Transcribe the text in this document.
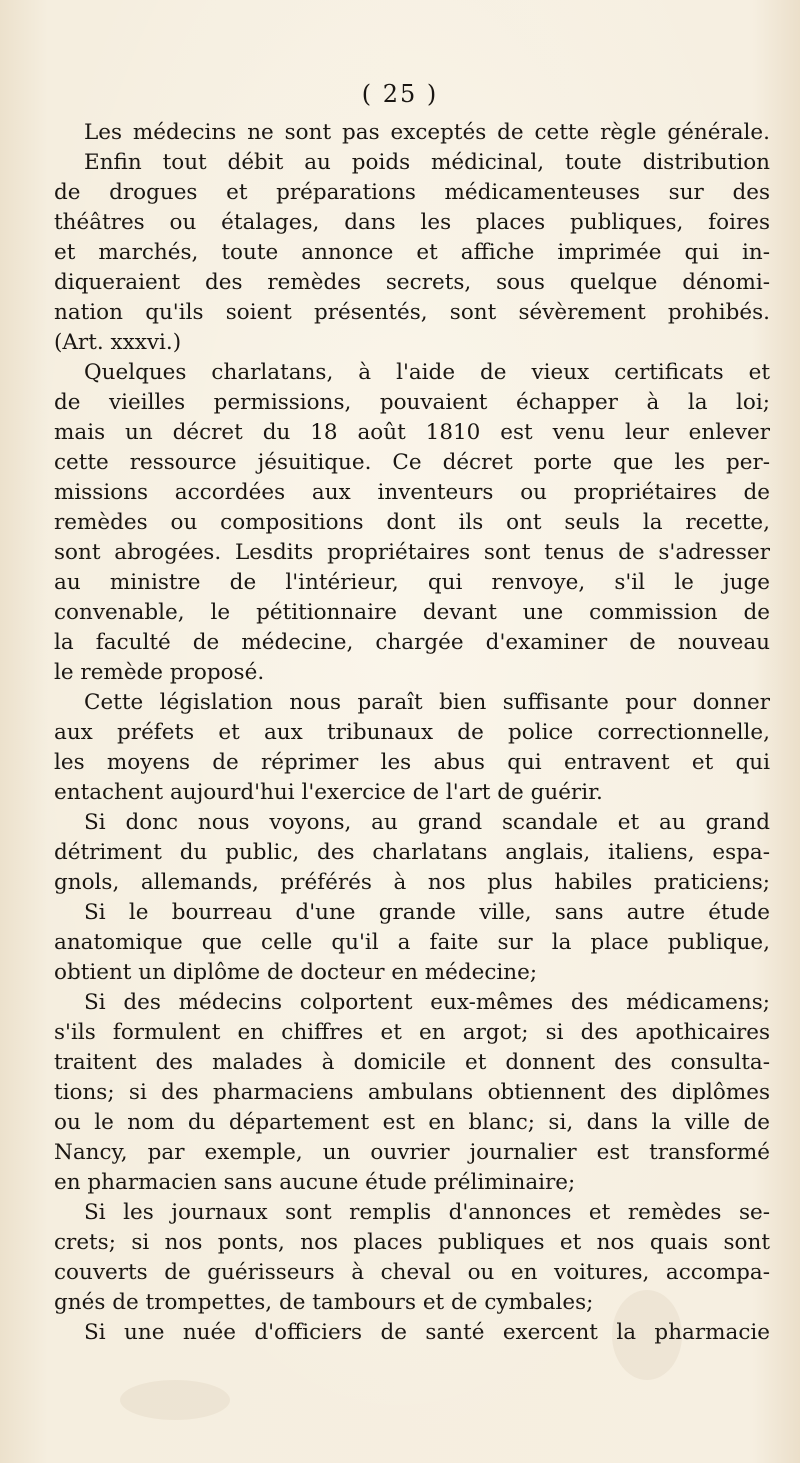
( 25 )
Les médecins ne sont pas exceptés de cette règle générale.
Enfin tout débit au poids médicinal, toute distribution
de drogues et préparations médicamenteuses sur des
théâtres ou étalages, dans les places publiques, foires
et marchés, toute annonce et affiche imprimée qui in-
diqueraient des remèdes secrets, sous quelque dénomi-
nation qu'ils soient présentés, sont sévèrement prohibés.
(Art. xxxvi.)
Quelques charlatans, à l'aide de vieux certificats et
de vieilles permissions, pouvaient échapper à la loi;
mais un décret du 18 août 1810 est venu leur enlever
cette ressource jésuitique. Ce décret porte que les per-
missions accordées aux inventeurs ou propriétaires de
remèdes ou compositions dont ils ont seuls la recette,
sont abrogées. Lesdits propriétaires sont tenus de s'adresser
au ministre de l'intérieur, qui renvoye, s'il le juge
convenable, le pétitionnaire devant une commission de
la faculté de médecine, chargée d'examiner de nouveau
le remède proposé.
Cette législation nous paraît bien suffisante pour donner
aux préfets et aux tribunaux de police correctionnelle,
les moyens de réprimer les abus qui entravent et qui
entachent aujourd'hui l'exercice de l'art de guérir.
Si donc nous voyons, au grand scandale et au grand
détriment du public, des charlatans anglais, italiens, espa-
gnols, allemands, préférés à nos plus habiles praticiens;
Si le bourreau d'une grande ville, sans autre étude
anatomique que celle qu'il a faite sur la place publique,
obtient un diplôme de docteur en médecine;
Si des médecins colportent eux-mêmes des médicamens;
s'ils formulent en chiffres et en argot; si des apothicaires
traitent des malades à domicile et donnent des consulta-
tions; si des pharmaciens ambulans obtiennent des diplômes
ou le nom du département est en blanc; si, dans la ville de
Nancy, par exemple, un ouvrier journalier est transformé
en pharmacien sans aucune étude préliminaire;
Si les journaux sont remplis d'annonces et remèdes se-
crets; si nos ponts, nos places publiques et nos quais sont
couverts de guérisseurs à cheval ou en voitures, accompa-
gnés de trompettes, de tambours et de cymbales;
Si une nuée d'officiers de santé exercent la pharmacie
